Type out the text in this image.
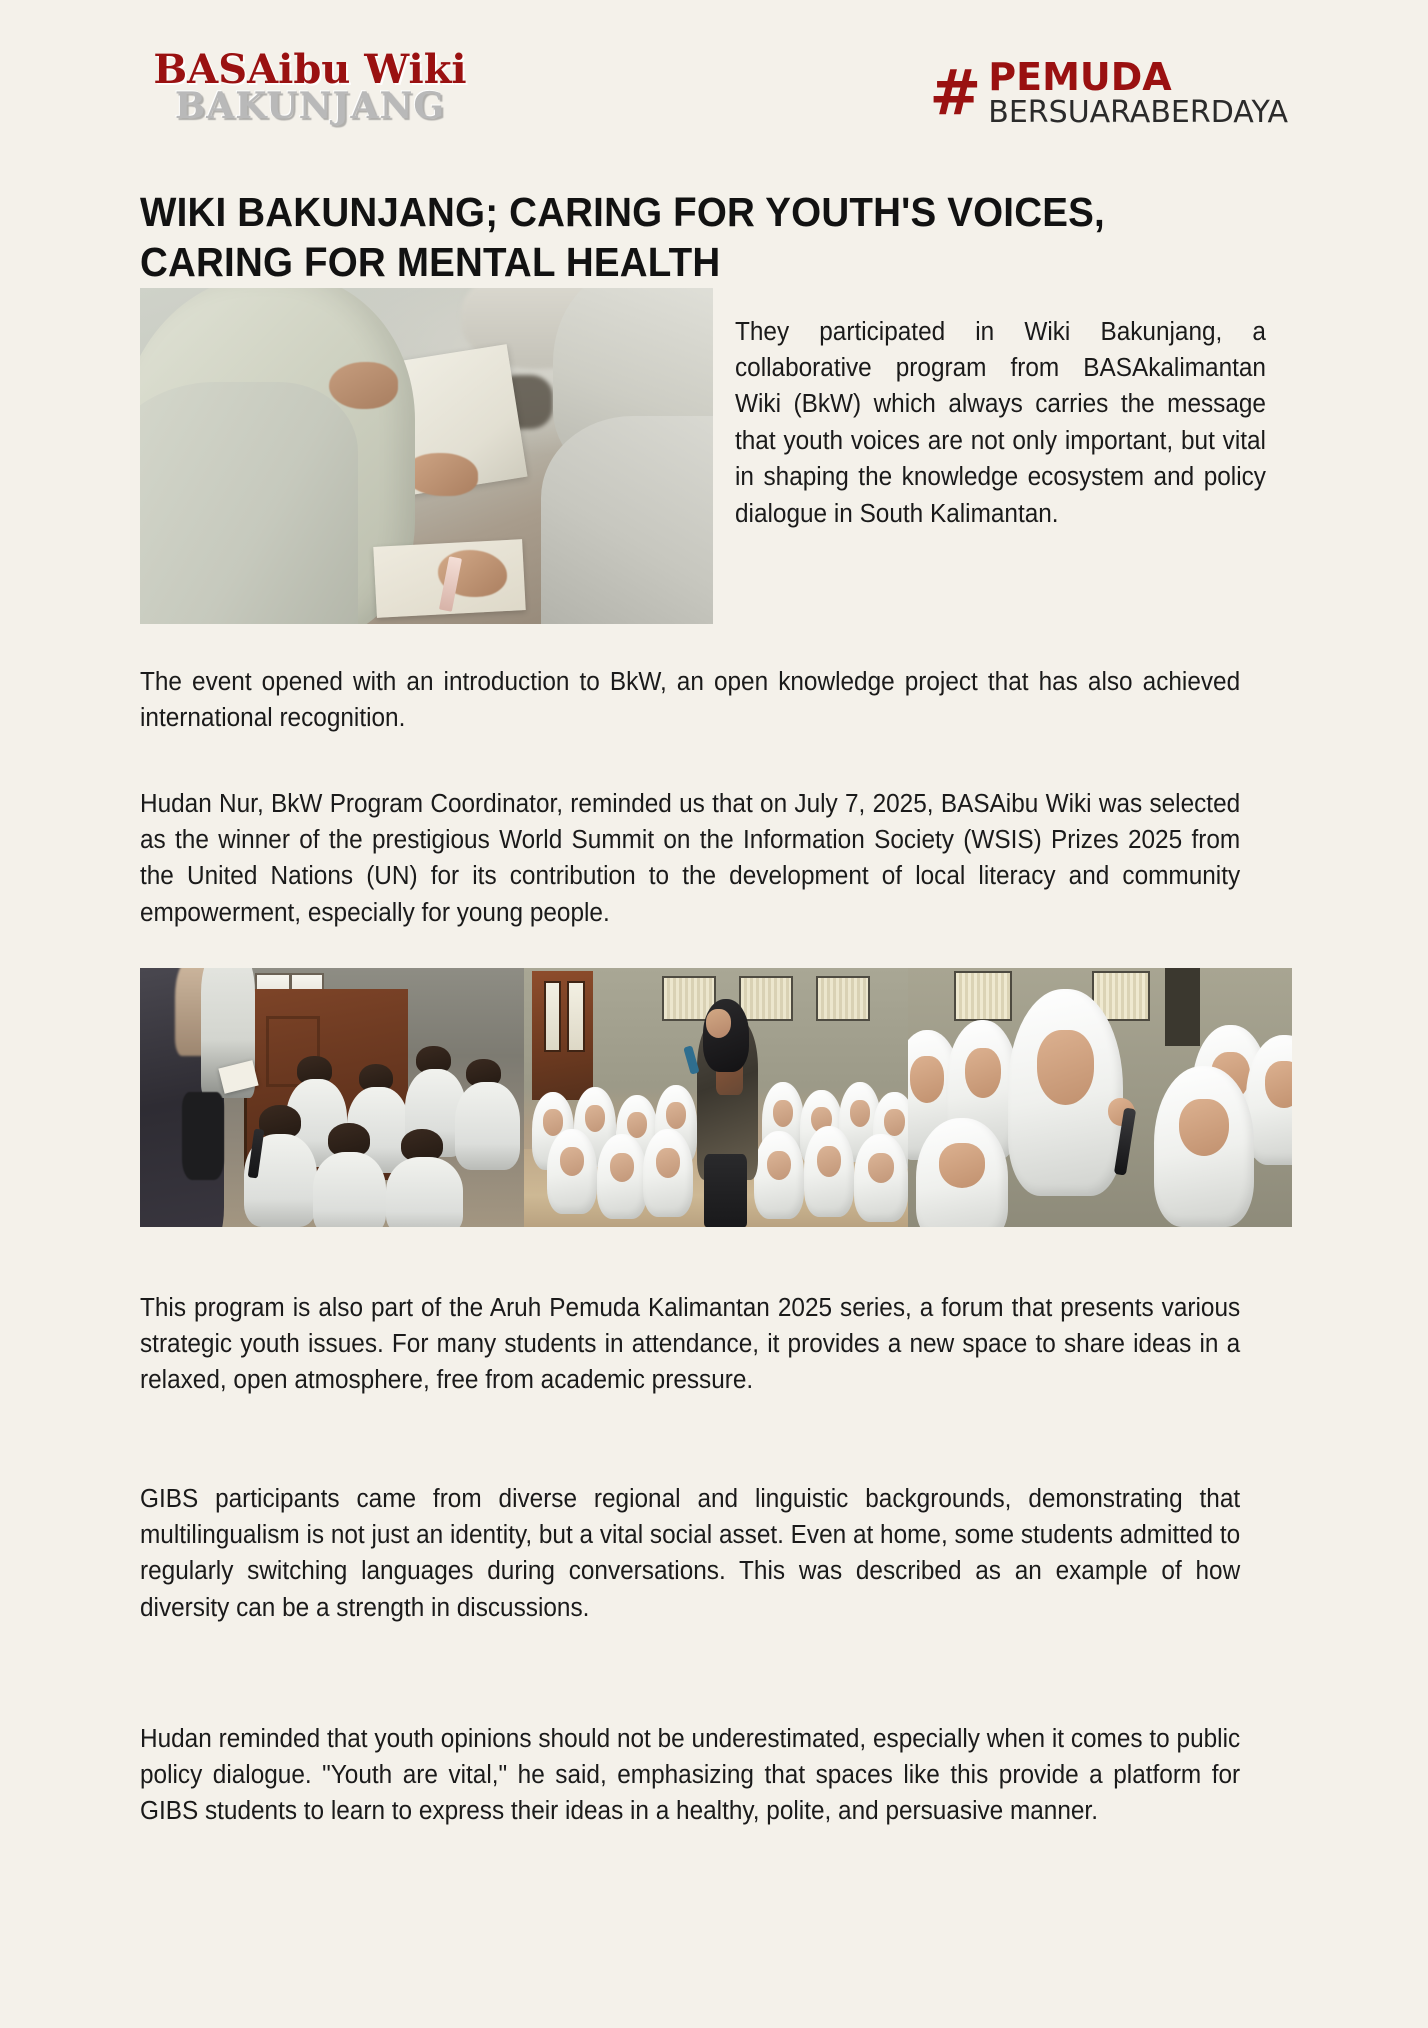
BASAibu Wiki
BAKUNJANG	# PEMUDA
BERSUARABERDAYA
WIKI BAKUNJANG; CARING FOR YOUTH'S VOICES,
CARING FOR MENTAL HEALTH

They participated in Wiki Bakunjang, a collaborative program from BASAkalimantan Wiki (BkW) which always carries the message that youth voices are not only important, but vital in shaping the knowledge ecosystem and policy dialogue in South Kalimantan.

The event opened with an introduction to BkW, an open knowledge project that has also achieved international recognition.

Hudan Nur, BkW Program Coordinator, reminded us that on July 7, 2025, BASAibu Wiki was selected as the winner of the prestigious World Summit on the Information Society (WSIS) Prizes 2025 from the United Nations (UN) for its contribution to the development of local literacy and community empowerment, especially for young people.

This program is also part of the Aruh Pemuda Kalimantan 2025 series, a forum that presents various strategic youth issues. For many students in attendance, it provides a new space to share ideas in a relaxed, open atmosphere, free from academic pressure.

GIBS participants came from diverse regional and linguistic backgrounds, demonstrating that multilingualism is not just an identity, but a vital social asset. Even at home, some students admitted to regularly switching languages during conversations. This was described as an example of how diversity can be a strength in discussions.

Hudan reminded that youth opinions should not be underestimated, especially when it comes to public policy dialogue. "Youth are vital," he said, emphasizing that spaces like this provide a platform for GIBS students to learn to express their ideas in a healthy, polite, and persuasive manner.
